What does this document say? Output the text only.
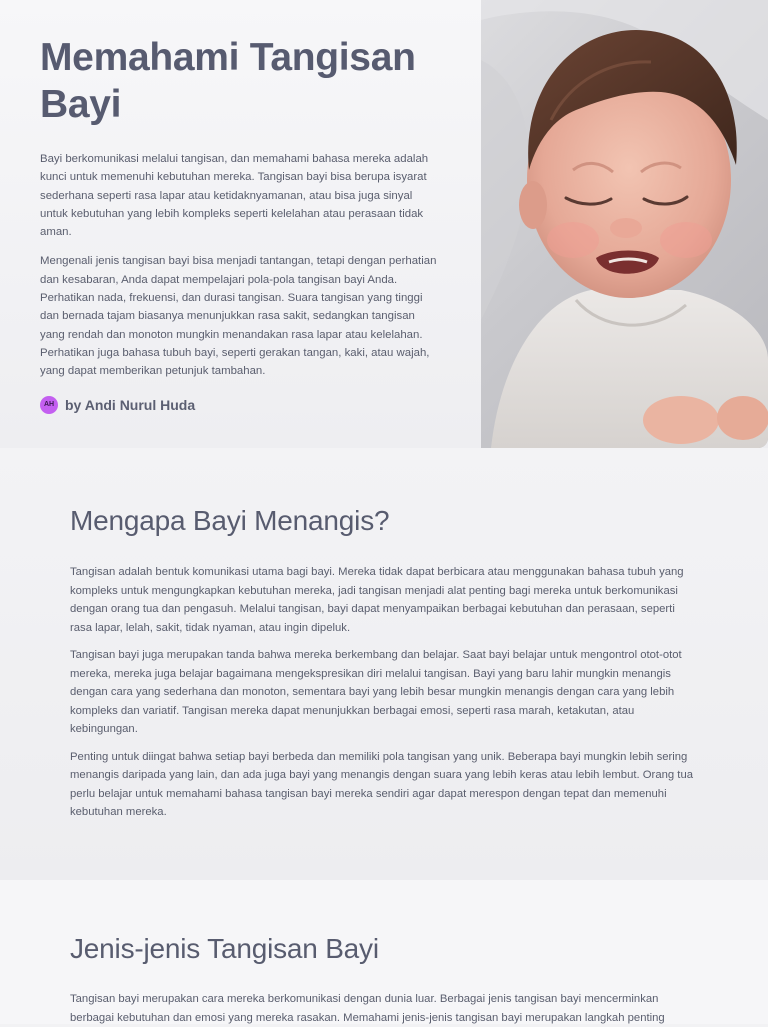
Memahami Tangisan Bayi

Bayi berkomunikasi melalui tangisan, dan memahami bahasa mereka adalah kunci untuk memenuhi kebutuhan mereka. Tangisan bayi bisa berupa isyarat sederhana seperti rasa lapar atau ketidaknyamanan, atau bisa juga sinyal untuk kebutuhan yang lebih kompleks seperti kelelahan atau perasaan tidak aman.

Mengenali jenis tangisan bayi bisa menjadi tantangan, tetapi dengan perhatian dan kesabaran, Anda dapat mempelajari pola-pola tangisan bayi Anda. Perhatikan nada, frekuensi, dan durasi tangisan. Suara tangisan yang tinggi dan bernada tajam biasanya menunjukkan rasa sakit, sedangkan tangisan yang rendah dan monoton mungkin menandakan rasa lapar atau kelelahan. Perhatikan juga bahasa tubuh bayi, seperti gerakan tangan, kaki, atau wajah, yang dapat memberikan petunjuk tambahan.

AH by Andi Nurul Huda
Mengapa Bayi Menangis?

Tangisan adalah bentuk komunikasi utama bagi bayi. Mereka tidak dapat berbicara atau menggunakan bahasa tubuh yang kompleks untuk mengungkapkan kebutuhan mereka, jadi tangisan menjadi alat penting bagi mereka untuk berkomunikasi dengan orang tua dan pengasuh. Melalui tangisan, bayi dapat menyampaikan berbagai kebutuhan dan perasaan, seperti rasa lapar, lelah, sakit, tidak nyaman, atau ingin dipeluk.

Tangisan bayi juga merupakan tanda bahwa mereka berkembang dan belajar. Saat bayi belajar untuk mengontrol otot-otot mereka, mereka juga belajar bagaimana mengekspresikan diri melalui tangisan. Bayi yang baru lahir mungkin menangis dengan cara yang sederhana dan monoton, sementara bayi yang lebih besar mungkin menangis dengan cara yang lebih kompleks dan variatif. Tangisan mereka dapat menunjukkan berbagai emosi, seperti rasa marah, ketakutan, atau kebingungan.

Penting untuk diingat bahwa setiap bayi berbeda dan memiliki pola tangisan yang unik. Beberapa bayi mungkin lebih sering menangis daripada yang lain, dan ada juga bayi yang menangis dengan suara yang lebih keras atau lebih lembut. Orang tua perlu belajar untuk memahami bahasa tangisan bayi mereka sendiri agar dapat merespon dengan tepat dan memenuhi kebutuhan mereka.

Jenis-jenis Tangisan Bayi

Tangisan bayi merupakan cara mereka berkomunikasi dengan dunia luar. Berbagai jenis tangisan bayi mencerminkan berbagai kebutuhan dan emosi yang mereka rasakan. Memahami jenis-jenis tangisan bayi merupakan langkah penting
